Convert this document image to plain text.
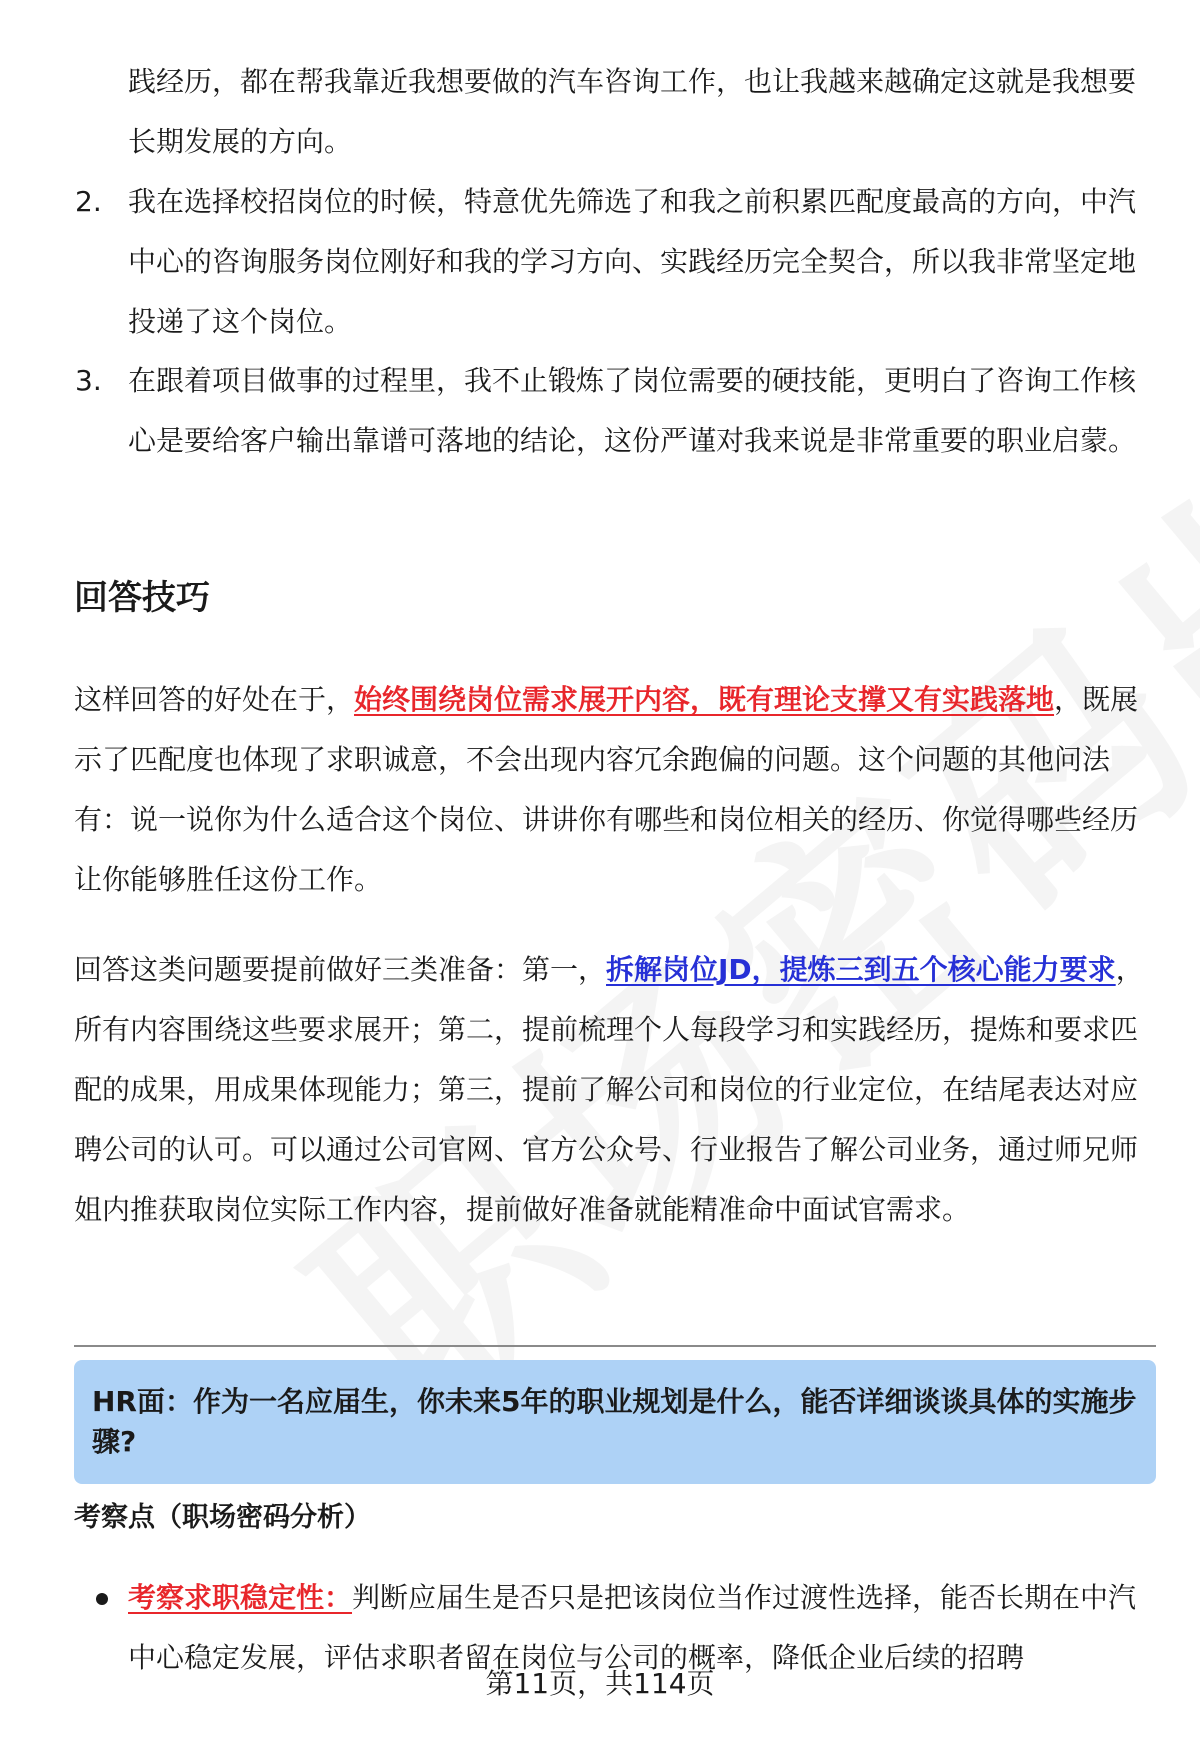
践经历，都在帮我靠近我想要做的汽车咨询工作，也让我越来越确定这就是我想要长期发展的方向。

2. 我在选择校招岗位的时候，特意优先筛选了和我之前积累匹配度最高的方向，中汽中心的咨询服务岗位刚好和我的学习方向、实践经历完全契合，所以我非常坚定地投递了这个岗位。
3. 在跟着项目做事的过程里，我不止锻炼了岗位需要的硬技能，更明白了咨询工作核心是要给客户输出靠谱可落地的结论，这份严谨对我来说是非常重要的职业启蒙。
回答技巧

这样回答的好处在于，始终围绕岗位需求展开内容，既有理论支撑又有实践落地，既展示了匹配度也体现了求职诚意，不会出现内容冗余跑偏的问题。这个问题的其他问法有：说一说你为什么适合这个岗位、讲讲你有哪些和岗位相关的经历、你觉得哪些经历让你能够胜任这份工作。

回答这类问题要提前做好三类准备：第一，拆解岗位JD，提炼三到五个核心能力要求，所有内容围绕这些要求展开；第二，提前梳理个人每段学习和实践经历，提炼和要求匹配的成果，用成果体现能力；第三，提前了解公司和岗位的行业定位，在结尾表达对应聘公司的认可。可以通过公司官网、官方公众号、行业报告了解公司业务，通过师兄师姐内推获取岗位实际工作内容，提前做好准备就能精准命中面试官需求。

HR面：作为一名应届生，你未来5年的职业规划是什么，能否详细谈谈具体的实施步骤?
考察点（职场密码分析）
考察求职稳定性：判断应届生是否只是把该岗位当作过渡性选择，能否长期在中汽中心稳定发展，评估求职者留在岗位与公司的概率，降低企业后续的招聘
第11页，共114页
